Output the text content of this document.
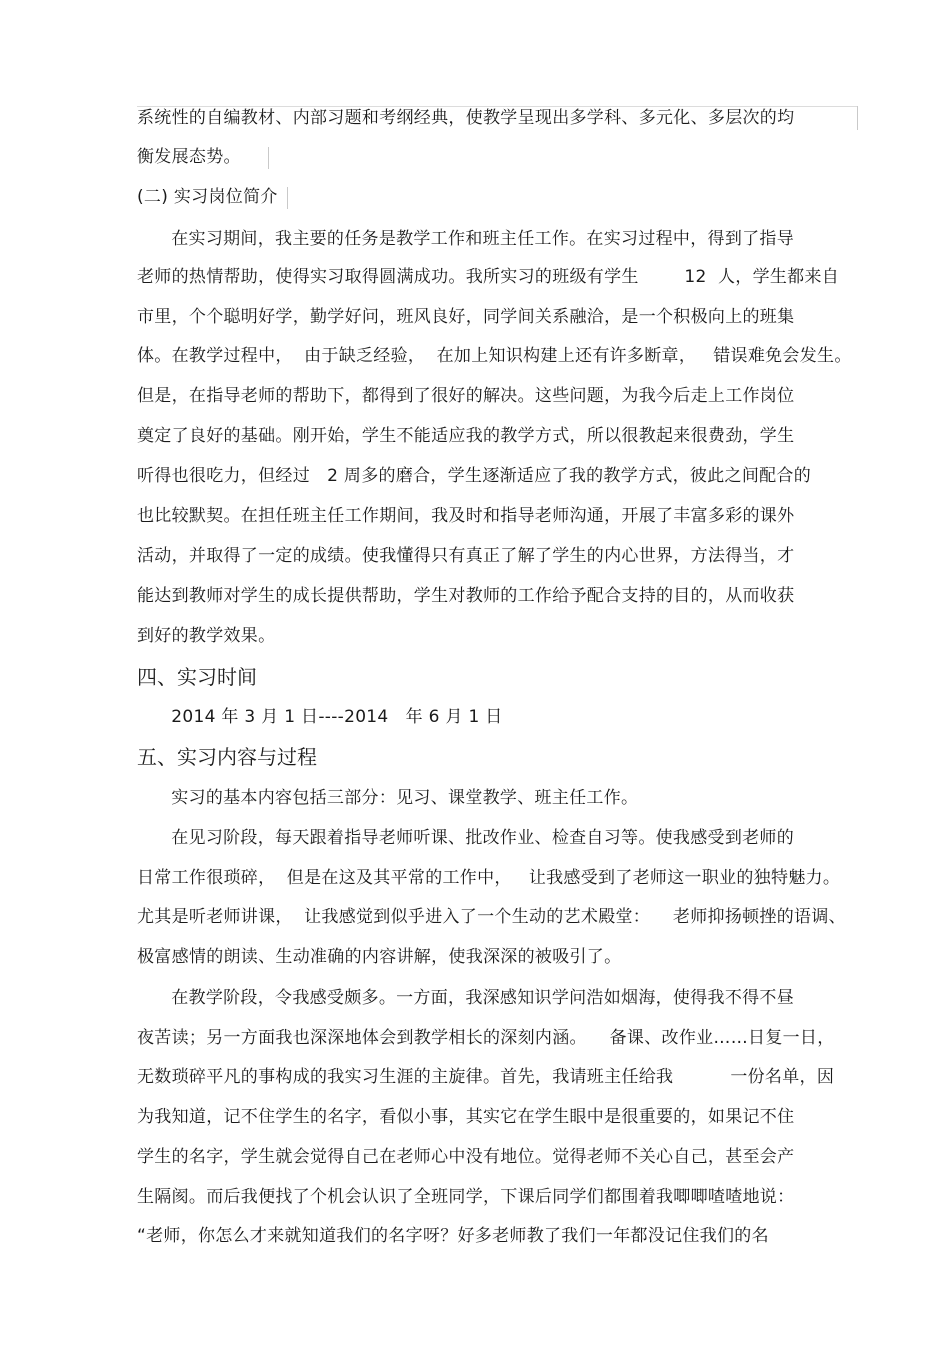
系统性的自编教材、内部习题和考纲经典，使教学呈现出多学科、多元化、多层次的均
衡发展态势。
(二) 实习岗位简介
在实习期间，我主要的任务是教学工作和班主任工作。在实习过程中，得到了指导
老师的热情帮助，使得实习取得圆满成功。我所实习的班级有学生        12  人，学生都来自
市里，个个聪明好学，勤学好问，班风良好，同学间关系融洽，是一个积极向上的班集
体。在教学过程中，  由于缺乏经验，  在加上知识构建上还有许多断章，   错误难免会发生。
但是，在指导老师的帮助下，都得到了很好的解决。这些问题，为我今后走上工作岗位
奠定了良好的基础。刚开始，学生不能适应我的教学方式，所以很教起来很费劲，学生
听得也很吃力，但经过   2 周多的磨合，学生逐渐适应了我的教学方式，彼此之间配合的
也比较默契。在担任班主任工作期间，我及时和指导老师沟通，开展了丰富多彩的课外
活动，并取得了一定的成绩。使我懂得只有真正了解了学生的内心世界，方法得当，才
能达到教师对学生的成长提供帮助，学生对教师的工作给予配合支持的目的，从而收获
到好的教学效果。
四、实习时间
2014 年 3 月 1 日----2014   年 6 月 1 日
五、实习内容与过程
实习的基本内容包括三部分：见习、课堂教学、班主任工作。
在见习阶段，每天跟着指导老师听课、批改作业、检查自习等。使我感受到老师的
日常工作很琐碎，  但是在这及其平常的工作中，   让我感受到了老师这一职业的独特魅力。
尤其是听老师讲课，  让我感觉到似乎进入了一个生动的艺术殿堂：    老师抑扬顿挫的语调、
极富感情的朗读、生动准确的内容讲解，使我深深的被吸引了。
在教学阶段，令我感受颇多。一方面，我深感知识学问浩如烟海，使得我不得不昼
夜苦读；另一方面我也深深地体会到教学相长的深刻内涵。    备课、改作业……日复一日，
无数琐碎平凡的事构成的我实习生涯的主旋律。首先，我请班主任给我          一份名单，因
为我知道，记不住学生的名字，看似小事，其实它在学生眼中是很重要的，如果记不住
学生的名字，学生就会觉得自己在老师心中没有地位。觉得老师不关心自己，甚至会产
生隔阂。而后我便找了个机会认识了全班同学，下课后同学们都围着我唧唧喳喳地说：
“老师，你怎么才来就知道我们的名字呀？好多老师教了我们一年都没记住我们的名
